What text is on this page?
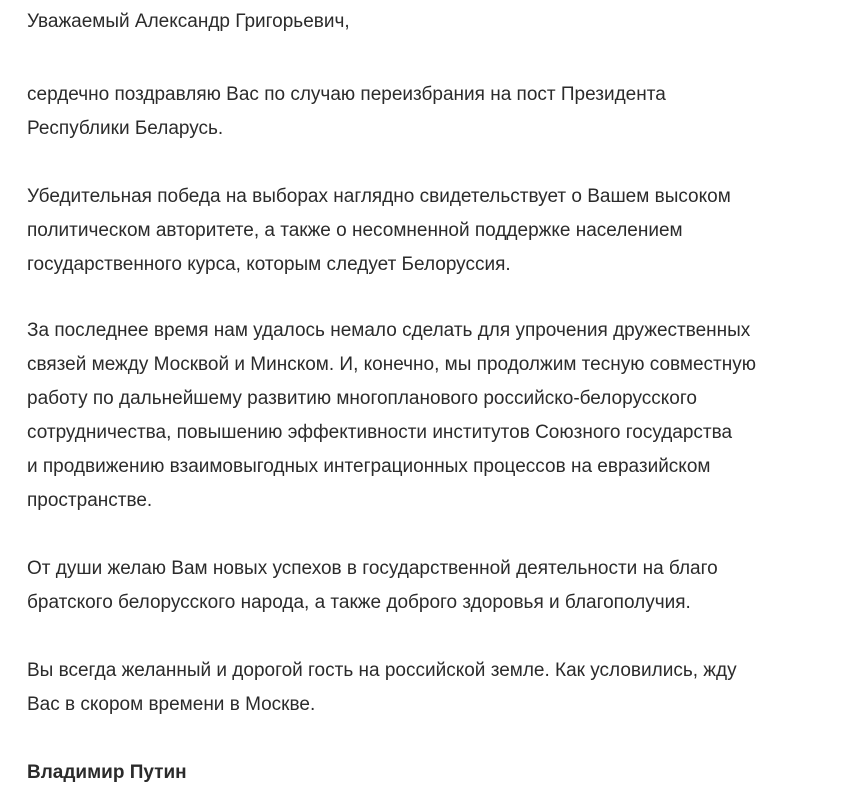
Уважаемый Александр Григорьевич,

сердечно поздравляю Вас по случаю переизбрания на пост Президента
Республики Беларусь.

Убедительная победа на выборах наглядно свидетельствует о Вашем высоком
политическом авторитете, а также о несомненной поддержке населением
государственного курса, которым следует Белоруссия.

За последнее время нам удалось немало сделать для упрочения дружественных
связей между Москвой и Минском. И, конечно, мы продолжим тесную совместную
работу по дальнейшему развитию многопланового российско-белорусского
сотрудничества, повышению эффективности институтов Союзного государства
и продвижению взаимовыгодных интеграционных процессов на евразийском
пространстве.

От души желаю Вам новых успехов в государственной деятельности на благо
братского белорусского народа, а также доброго здоровья и благополучия.

Вы всегда желанный и дорогой гость на российской земле. Как условились, жду
Вас в скором времени в Москве.

Владимир Путин
